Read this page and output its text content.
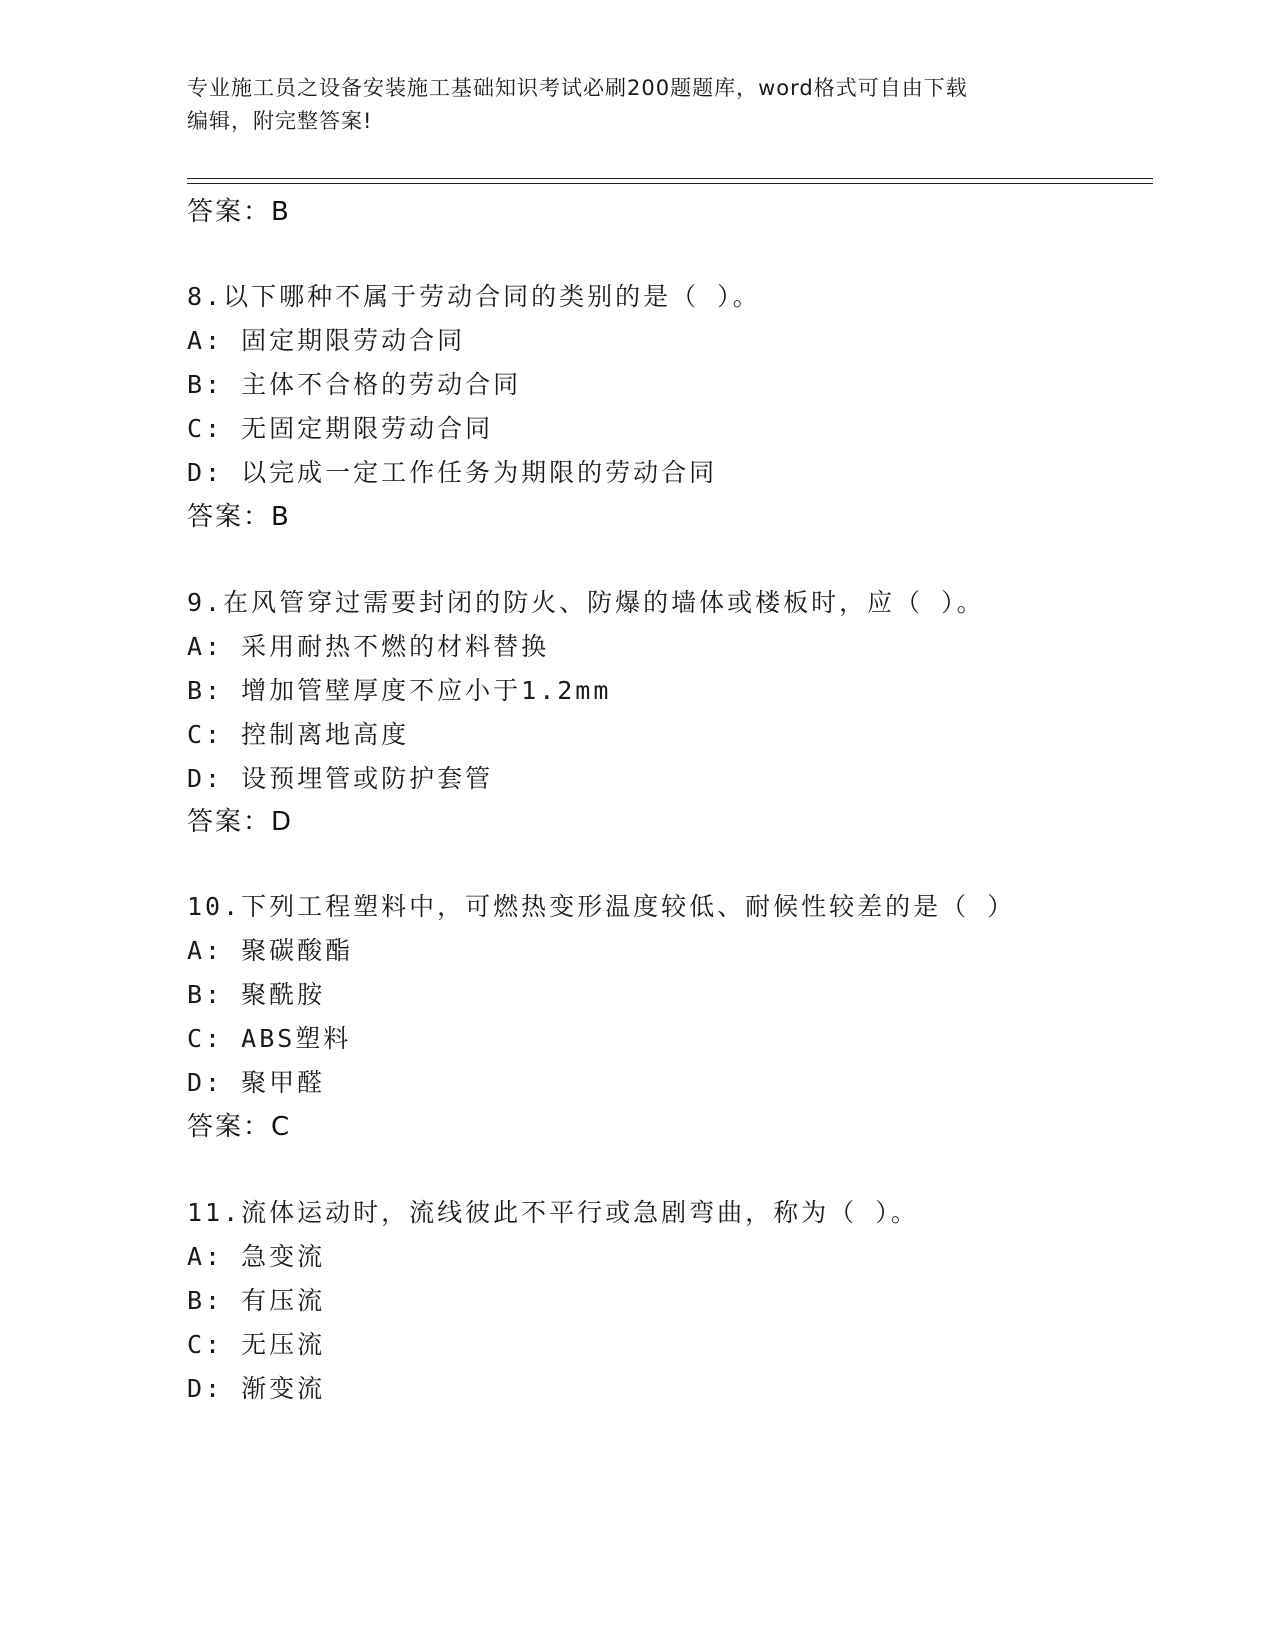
专业施工员之设备安装施工基础知识考试必刷200题题库，word格式可自由下载
编辑，附完整答案!
答案：B
8.以下哪种不属于劳动合同的类别的是（ ）。
A: 固定期限劳动合同
B: 主体不合格的劳动合同
C: 无固定期限劳动合同
D: 以完成一定工作任务为期限的劳动合同
答案：B
9.在风管穿过需要封闭的防火、防爆的墙体或楼板时，应（ ）。
A: 采用耐热不燃的材料替换
B: 增加管壁厚度不应小于1.2mm
C: 控制离地高度
D: 设预埋管或防护套管
答案：D
10.下列工程塑料中，可燃热变形温度较低、耐候性较差的是（ ）
A: 聚碳酸酯
B: 聚酰胺
C: ABS塑料
D: 聚甲醛
答案：C
11.流体运动时，流线彼此不平行或急剧弯曲，称为（ ）。
A: 急变流
B: 有压流
C: 无压流
D: 渐变流
